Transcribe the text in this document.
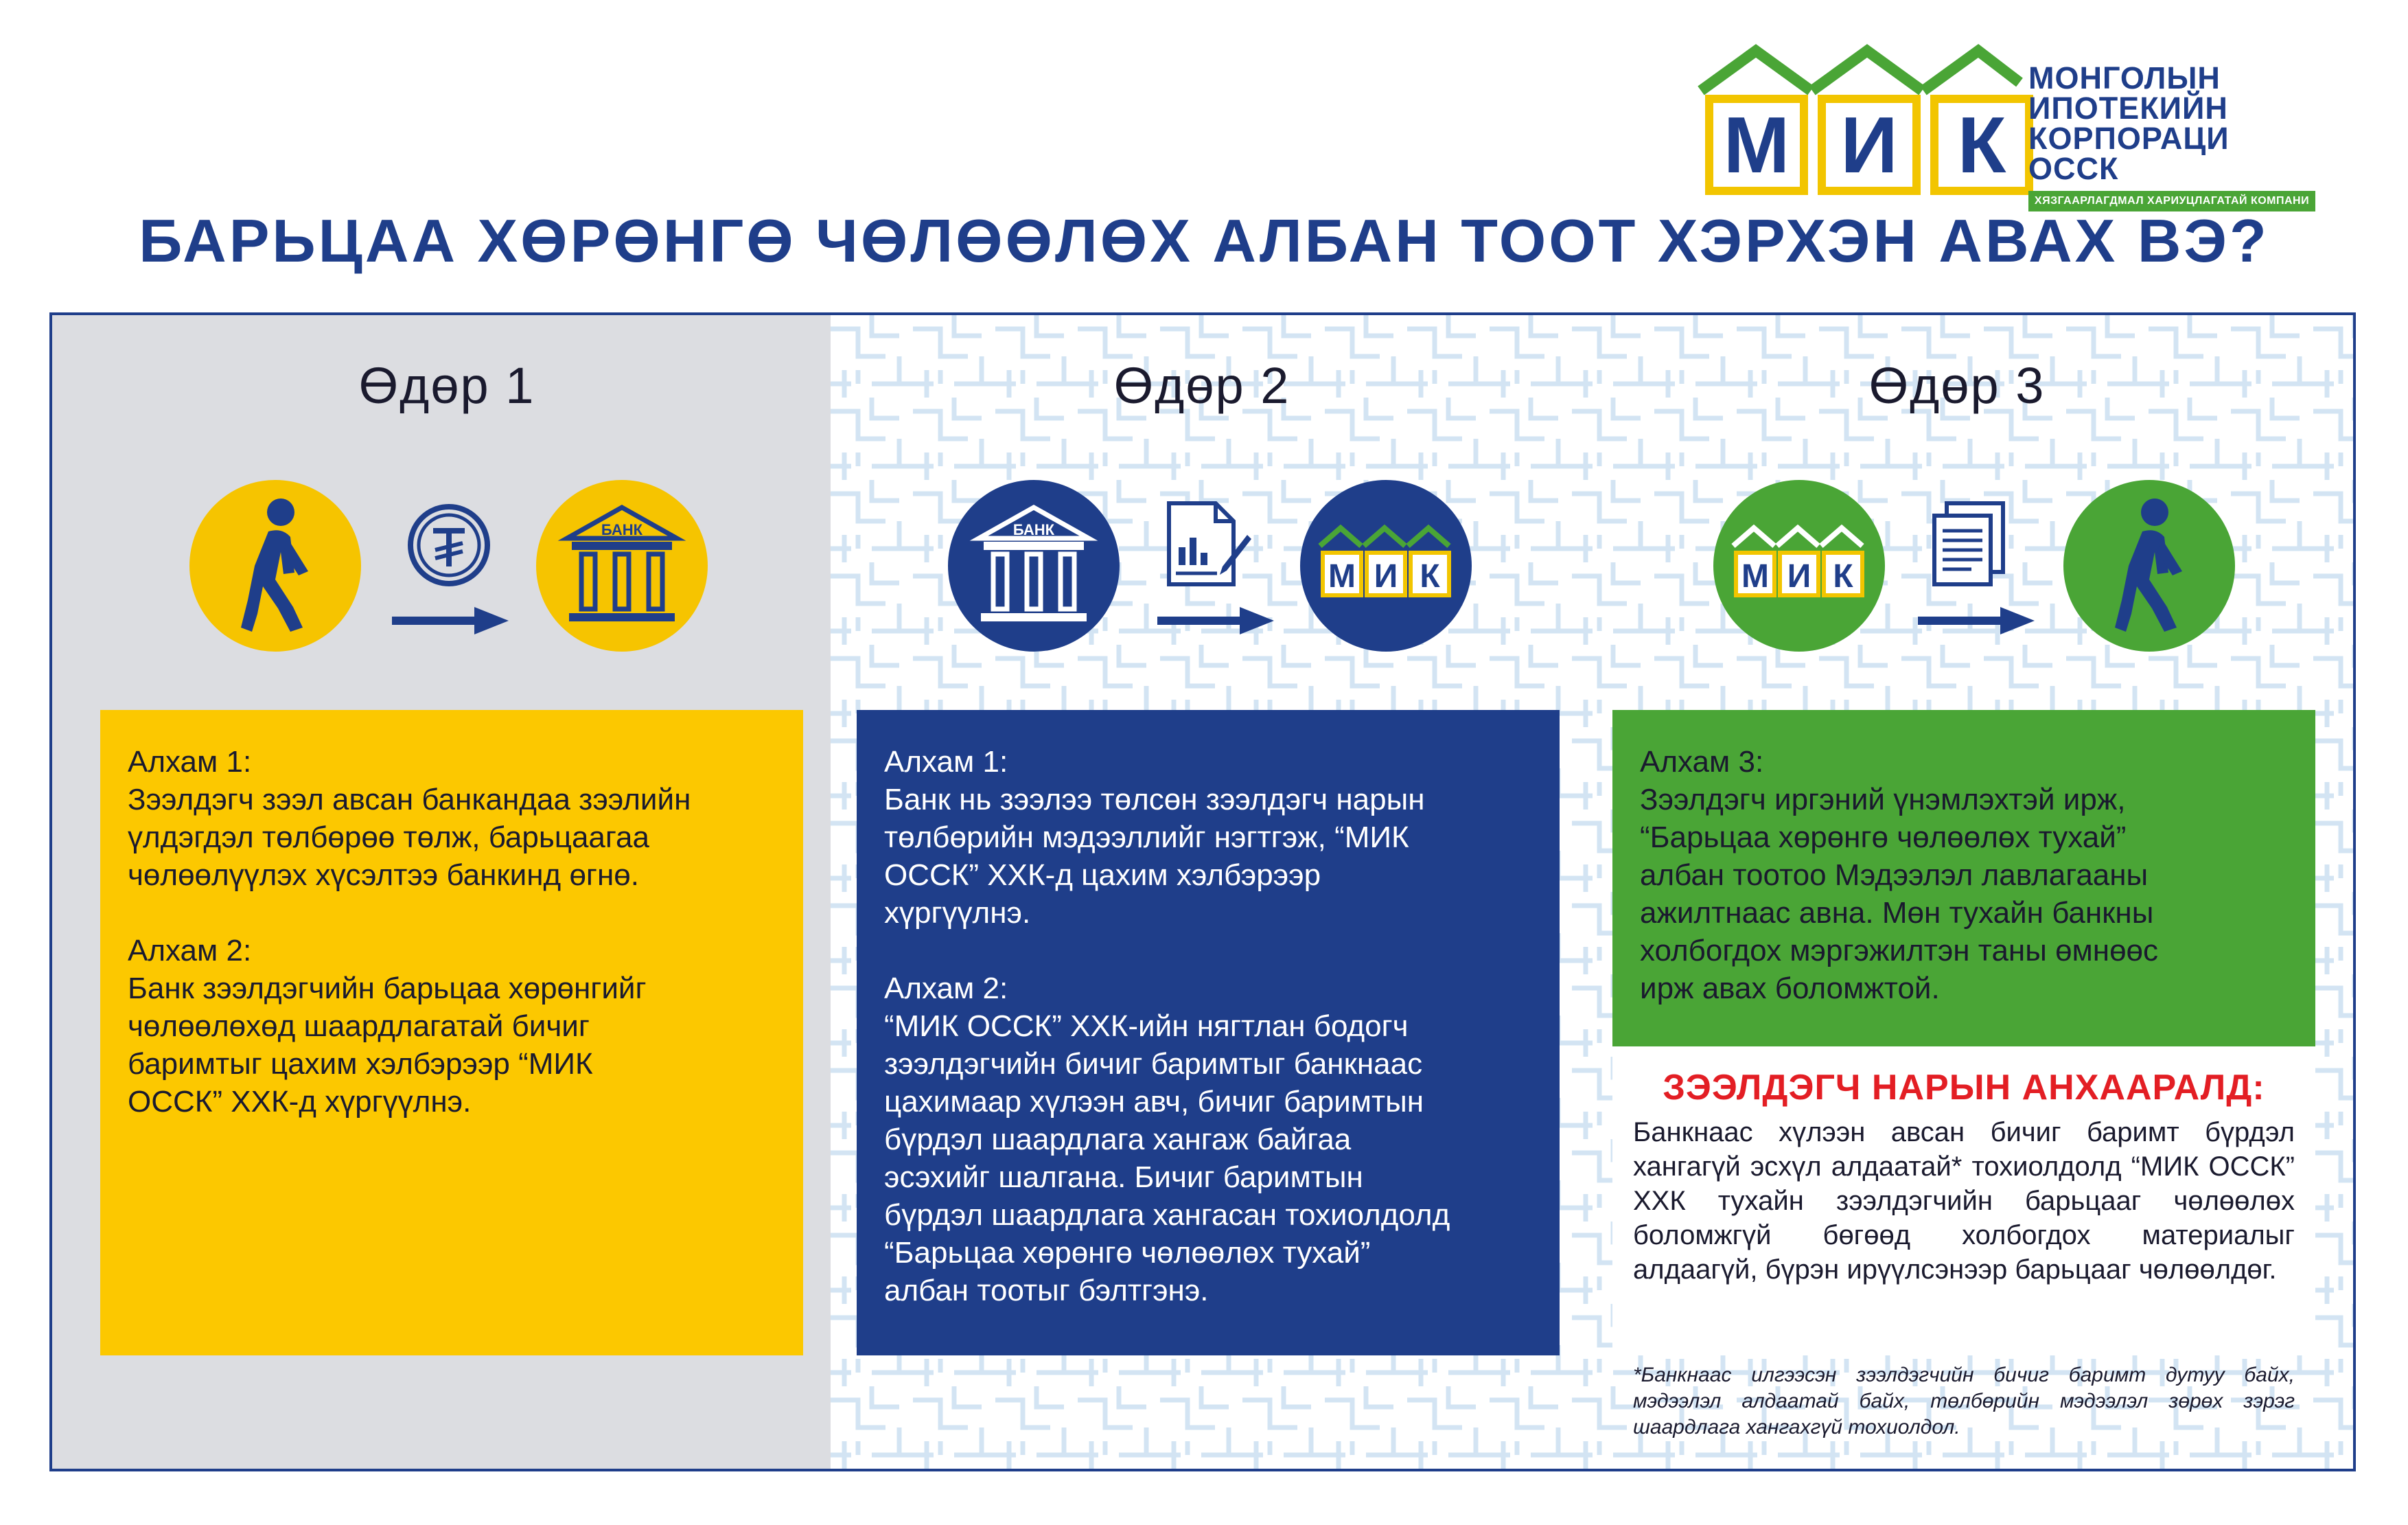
М И К
МОНГОЛЫН
ИПОТЕКИЙН
КОРПОРАЦИ ОССК
ХЯЗГААРЛАГДМАЛ ХАРИУЦЛАГАТАЙ КОМПАНИ
БАРЬЦАА ХӨРӨНГӨ ЧӨЛӨӨЛӨХ АЛБАН ТООТ ХЭРХЭН АВАХ ВЭ?
Өдөр 1	Өдөр 2	Өдөр 3
БАНК	БАНК
М И К	М И К

Алхам 1:

Зээлдэгч зээл авсан банкандаа зээлийн

үлдэгдэл төлбөрөө төлж, барьцаагаа

чөлөөлүүлэх хүсэлтээ банкинд өгнө.

Алхам 2:

Банк зээлдэгчийн барьцаа хөрөнгийг

чөлөөлөхөд шаардлагатай бичиг

баримтыг цахим хэлбэрээр “МИК

ОССК” ХХК-д хүргүүлнэ.

Алхам 1:

Банк нь зээлээ төлсөн зээлдэгч нарын

төлбөрийн мэдээллийг нэгтгэж, “МИК

ОССК” ХХК-д цахим хэлбэрээр

хүргүүлнэ.

Алхам 2:

“МИК ОССК” ХХК-ийн нягтлан бодогч

зээлдэгчийн бичиг баримтыг банкнаас

цахимаар хүлээн авч, бичиг баримтын

бүрдэл шаардлага хангаж байгаа

эсэхийг шалгана. Бичиг баримтын

бүрдэл шаардлага хангасан тохиолдолд

“Барьцаа хөрөнгө чөлөөлөх тухай”

албан тоотыг бэлтгэнэ.

Алхам 3:

Зээлдэгч иргэний үнэмлэхтэй ирж,

“Барьцаа хөрөнгө чөлөөлөх тухай”

албан тоотоо Мэдээлэл лавлагааны

ажилтнаас авна. Мөн тухайн банкны

холбогдох мэргэжилтэн таны өмнөөс

ирж авах боломжтой.

ЗЭЭЛДЭГЧ НАРЫН АНХААРАЛД:
Банкнаас хүлээн авсан бичиг баримт бүрдэл хангагүй эсхүл алдаатай* тохиолдолд “МИК ОССК” ХХК тухайн зээлдэгчийн барьцааг чөлөөлөх боломжгүй бөгөөд холбогдох материалыг алдаагүй, бүрэн ирүүлсэнээр барьцааг чөлөөлдөг.
*Банкнаас илгээсэн зээлдэгчийн бичиг баримт дутуу байх, мэдээлэл алдаатай байх, төлбөрийн мэдээлэл зөрөх зэрэг шаардлага хангахгүй тохиолдол.
